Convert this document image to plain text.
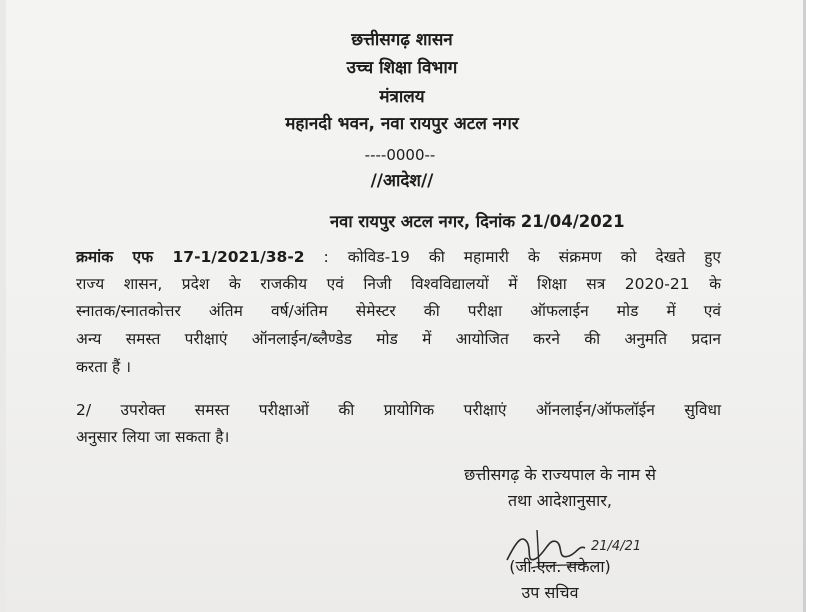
छत्तीसगढ़ शासन
उच्च शिक्षा विभाग
मंत्रालय
महानदी भवन, नवा रायपुर अटल नगर
----0000--
//आदेश//
नवा रायपुर अटल नगर, दिनांक 21/04/2021
क्रमांक एफ 17-1/2021/38-2 : कोविड-19 की महामारी के संक्रमण को देखते हुए
राज्य शासन, प्रदेश के राजकीय एवं निजी विश्वविद्यालयों में शिक्षा सत्र 2020-21 के
स्नातक/स्नातकोत्तर अंतिम वर्ष/अंतिम सेमेस्टर की परीक्षा ऑफलाईन मोड में एवं
अन्य समस्त परीक्षाएं ऑनलाईन/ब्लैण्डेड मोड में आयोजित करने की अनुमति प्रदान
करता हैं ।
2/ उपरोक्त समस्त परीक्षाओं की प्रायोगिक परीक्षाएं ऑनलाईन/ऑफलॉईन सुविधा
अनुसार लिया जा सकता है।
छत्तीसगढ़ के राज्यपाल के नाम से
तथा आदेशानुसार,
21/4/21
(जी.एल. सकेला)
उप सचिव
